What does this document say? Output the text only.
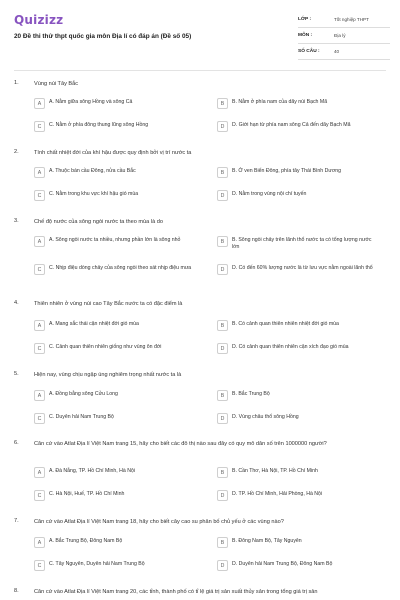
Quizizz
20 Đề thi thử thpt quốc gia môn Địa lí có đáp án (Đề số 05)
LỚP :	Tốt nghiệp THPT
MÔN :	Địa lý
SỐ CÂU :	40
1.	Vùng núi Tây Bắc
A	A. Nằm giữa sông Hồng và sông Cả	B	B. Nằm ở phía nam của dãy núi Bạch Mã
C	C. Nằm ở phía đông thung lũng sông Hồng	D	D. Giới hạn từ phía nam sông Cả đến dãy Bạch Mã
2.	Tính chất nhiệt đới của khí hậu được quy định bởi vị trí nước ta
A	A. Thuộc bán cầu Đông, nửa cầu Bắc	B	B. Ở ven Biển Đông, phía tây Thái Bình Dương
C	C. Nằm trong khu vực khí hậu gió mùa	D	D. Nằm trong vùng nội chí tuyến
3.	Chế độ nước của sông ngòi nước ta theo mùa là do
A	A. Sông ngòi nước ta nhiều, nhưng phần lớn là sông nhỏ	B	B. Sông ngòi chảy trên lãnh thổ nước ta có tổng lượng nước lớn
C	C. Nhịp điệu dòng chảy của sông ngòi theo sát nhịp điệu mưa	D	D. Có đến 60% lượng nước là từ lưu vực nằm ngoài lãnh thổ
4.	Thiên nhiên ở vùng núi cao Tây Bắc nước ta có đặc điểm là
A	A. Mang sắc thái cận nhiệt đới gió mùa	B	B. Có cảnh quan thiên nhiên nhiệt đới gió mùa
C	C. Cảnh quan thiên nhiên giống như vùng ôn đới	D	D. Có cảnh quan thiên nhiên cận xích đạo gió mùa
5.	Hiện nay, vùng chịu ngập úng nghiêm trọng nhất nước ta là
A	A. Đồng bằng sông Cửu Long	B	B. Bắc Trung Bộ
C	C. Duyên hải Nam Trung Bộ	D	D. Vùng châu thổ sông Hồng
6.	Căn cứ vào Atlat Địa lí Việt Nam trang 15, hãy cho biết các đô thị nào sau đây có quy mô dân số trên 1000000 người?
A	A. Đà Nẵng, TP. Hồ Chí Minh, Hà Nội	B	B. Cần Thơ, Hà Nội, TP. Hồ Chí Minh
C	C. Hà Nội, Huế, TP. Hồ Chí Minh	D	D. TP. Hồ Chí Minh, Hải Phòng, Hà Nội
7.	Căn cứ vào Atlat Địa lí Việt Nam trang 18, hãy cho biết cây cao su phân bố chủ yếu ở các vùng nào?
A	A. Bắc Trung Bộ, Đông Nam Bộ	B	B. Đông Nam Bộ, Tây Nguyên
C	C. Tây Nguyên, Duyên hải Nam Trung Bộ	D	D. Duyên hải Nam Trung Bộ, Đông Nam Bộ
8.	Căn cứ vào Atlat Địa lí Việt Nam trang 20, các tỉnh, thành phố có tỉ lệ giá trị sản xuất thủy sản trong tổng giá trị sản
